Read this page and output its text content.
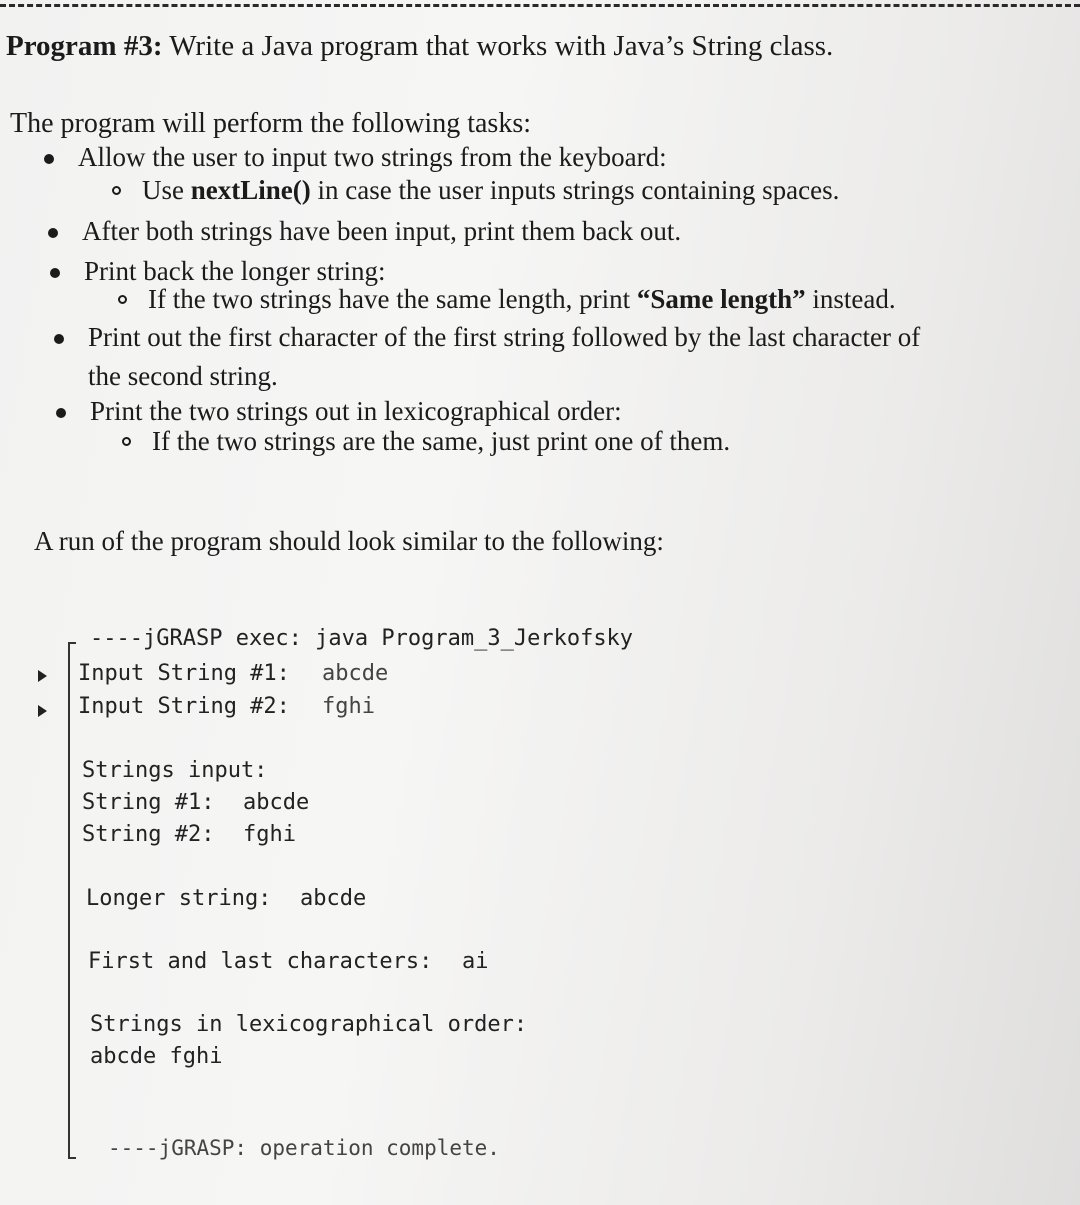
Program #3: Write a Java program that works with Java’s String class.
The program will perform the following tasks:
Allow the user to input two strings from the keyboard:
Use nextLine() in case the user inputs strings containing spaces.
After both strings have been input, print them back out.
Print back the longer string:
If the two strings have the same length, print “Same length” instead.
Print out the first character of the first string followed by the last character of
the second string.
Print the two strings out in lexicographical order:
If the two strings are the same, just print one of them.
A run of the program should look similar to the following:
----jGRASP exec: java Program_3_Jerkofsky
Input String #1: abcde
Input String #2: fghi
Strings input:
String #1: abcde
String #2: fghi
Longer string: abcde
First and last characters: ai
Strings in lexicographical order:
abcde fghi
----jGRASP: operation complete.
